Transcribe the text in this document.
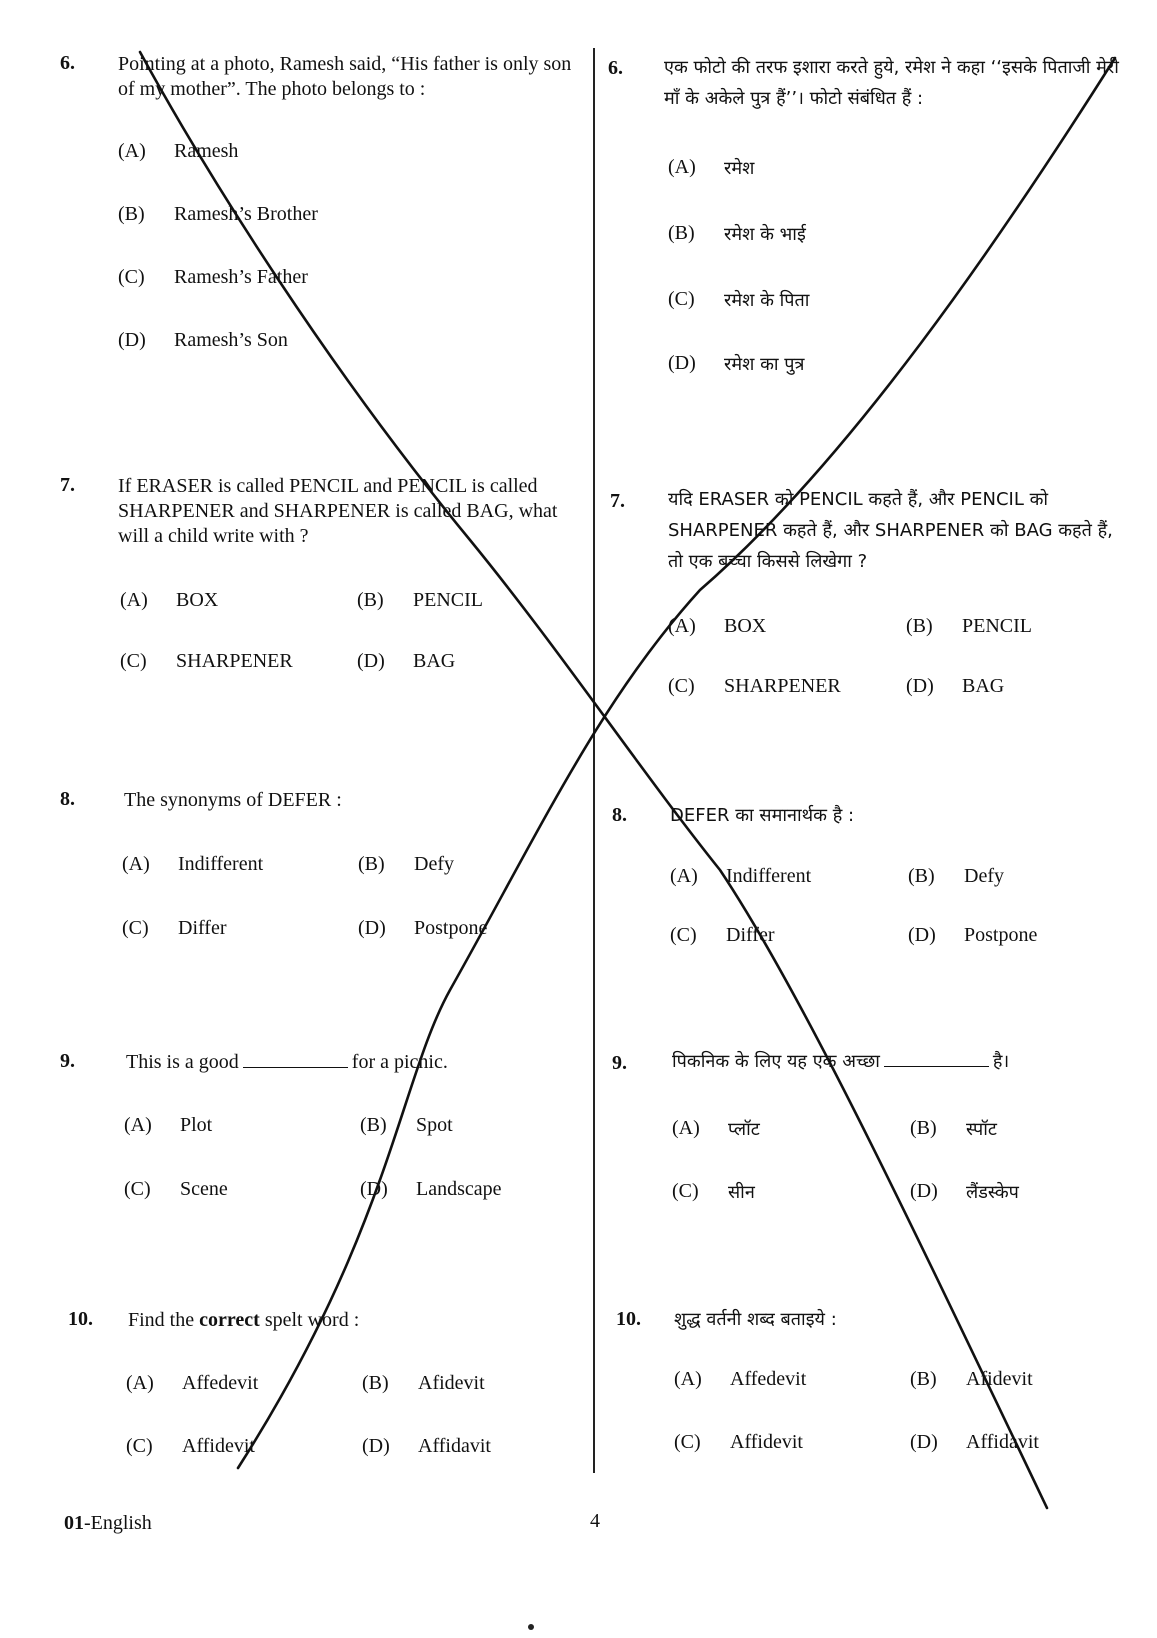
6. Pointing at a photo, Ramesh said, “His father is only son of my mother”. The photo belongs to :
(A) Ramesh
(B) Ramesh’s Brother
(C) Ramesh’s Father
(D) Ramesh’s Son
7. If ERASER is called PENCIL and PENCIL is called SHARPENER and SHARPENER is called BAG, what will a child write with ?
(A) BOX	(B) PENCIL
(C) SHARPENER	(D) BAG
8. The synonyms of DEFER :
(A) Indifferent	(B) Defy
(C) Differ	(D) Postpone
9.	This is a good	for a picnic.
(A) Plot	(B) Spot
(C) Scene	(D) Landscape
10. Find the correct spelt word :
(A) Affedevit	(B) Afidevit
(C) Affidevit	(D) Affidavit
6. एक फोटो की तरफ इशारा करते हुये, रमेश ने कहा ‘‘इसके पिताजी मेरी माँ के अकेले पुत्र हैं’’। फोटो संबंधित हैं :
(A) रमेश
(B) रमेश के भाई
(C) रमेश के पिता
(D) रमेश का पुत्र
7. यदि ERASER को PENCIL कहते हैं, और PENCIL को SHARPENER कहते हैं, और SHARPENER को BAG कहते हैं, तो एक बच्चा किससे लिखेगा ?
(A) BOX	(B) PENCIL
(C) SHARPENER	(D) BAG
8. DEFER का समानार्थक है :
(A) Indifferent	(B) Defy
(C) Differ	(D) Postpone
9.	पिकनिक के लिए यह एक अच्छा	है।
(A) प्लॉट	(B) स्पॉट
(C) सीन	(D) लैंडस्केप
10. शुद्ध वर्तनी शब्द बताइये :
(A) Affedevit	(B) Afidevit
(C) Affidevit	(D) Affidavit
01-English	4
